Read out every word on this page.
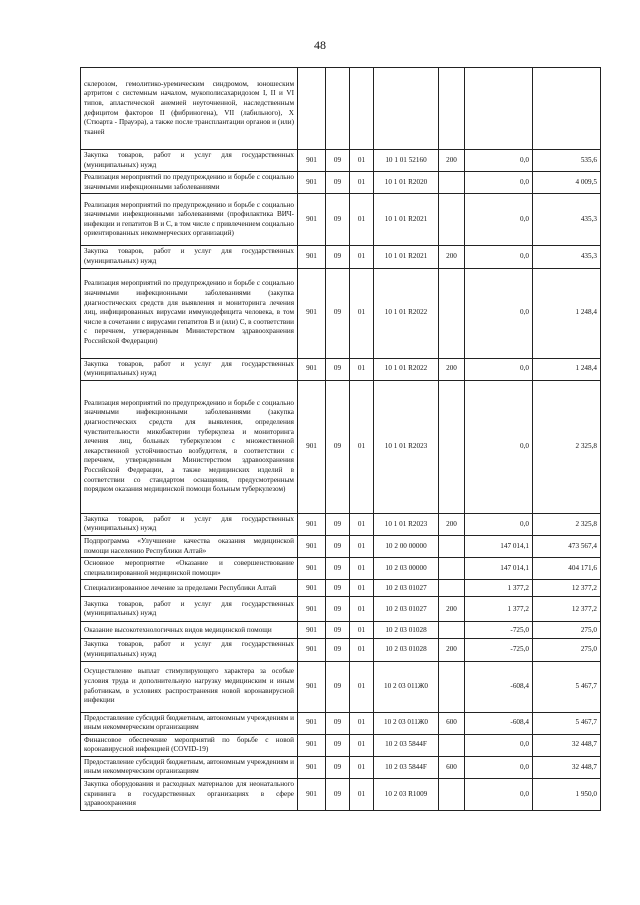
48
склерозом, гемолитико-уремическим синдромом, юношеским артритом с системным началом, мукополисахаридозом I, II и VI типов, апластической анемией неуточненной, наследственным дефицитом факторов II (фибриногена), VII (лабильного), X (Стюарта - Прауэра), а также после трансплантации органов и (или) тканей							
Закупка товаров, работ и услуг для государственных (муниципальных) нужд	901	09	01	10 1 01 52160	200	0,0	535,6
Реализация мероприятий по предупреждению и борьбе с социально значимыми инфекционными заболеваниями	901	09	01	10 1 01 R2020		0,0	4 009,5
Реализация мероприятий по предупреждению и борьбе с социально значимыми инфекционными заболеваниями (профилактика ВИЧ-инфекции и гепатитов В и С, в том числе с привлечением социально ориентированных некоммерческих организаций)	901	09	01	10 1 01 R2021		0,0	435,3
Закупка товаров, работ и услуг для государственных (муниципальных) нужд	901	09	01	10 1 01 R2021	200	0,0	435,3
Реализация мероприятий по предупреждению и борьбе с социально значимыми инфекционными заболеваниями (закупка диагностических средств для выявления и мониторинга лечения лиц, инфицированных вирусами иммунодефицита человека, в том числе в сочетании с вирусами гепатитов В и (или) С, в соответствии с перечнем, утвержденным Министерством здравоохранения Российской Федерации)	901	09	01	10 1 01 R2022		0,0	1 248,4
Закупка товаров, работ и услуг для государственных (муниципальных) нужд	901	09	01	10 1 01 R2022	200	0,0	1 248,4
Реализация мероприятий по предупреждению и борьбе с социально значимыми инфекционными заболеваниями (закупка диагностических средств для выявления, определения чувствительности микобактерии туберкулеза и мониторинга лечения лиц, больных туберкулезом с множественной лекарственной устойчивостью возбудителя, в соответствии с перечнем, утвержденным Министерством здравоохранения Российской Федерации, а также медицинских изделий в соответствии со стандартом оснащения, предусмотренным порядком оказания медицинской помощи больным туберкулезом)	901	09	01	10 1 01 R2023		0,0	2 325,8
Закупка товаров, работ и услуг для государственных (муниципальных) нужд	901	09	01	10 1 01 R2023	200	0,0	2 325,8
Подпрограмма «Улучшение качества оказания медицинской помощи населению Республики Алтай»	901	09	01	10 2 00 00000		147 014,1	473 567,4
Основное мероприятие «Оказание и совершенствование специализированной медицинской помощи»	901	09	01	10 2 03 00000		147 014,1	404 171,6
Специализированное лечение за пределами Республики Алтай	901	09	01	10 2 03 01027		1 377,2	12 377,2
Закупка товаров, работ и услуг для государственных (муниципальных) нужд	901	09	01	10 2 03 01027	200	1 377,2	12 377,2
Оказание высокотехнологичных видов медицинской помощи	901	09	01	10 2 03 01028		-725,0	275,0
Закупка товаров, работ и услуг для государственных (муниципальных) нужд	901	09	01	10 2 03 01028	200	-725,0	275,0
Осуществление выплат стимулирующего характера за особые условия труда и дополнительную нагрузку медицинским и иным работникам, в условиях распространения новой коронавирусной инфекции	901	09	01	10 2 03 011Ж0		-608,4	5 467,7
Предоставление субсидий бюджетным, автономным учреждениям и иным некоммерческим организациям	901	09	01	10 2 03 011Ж0	600	-608,4	5 467,7
Финансовое обеспечение мероприятий по борьбе с новой коронавирусной инфекцией (COVID-19)	901	09	01	10 2 03 5844F		0,0	32 448,7
Предоставление субсидий бюджетным, автономным учреждениям и иным некоммерческим организациям	901	09	01	10 2 03 5844F	600	0,0	32 448,7
Закупка оборудования и расходных материалов для неонатального скрининга в государственных организациях в сфере здравоохранения	901	09	01	10 2 03 R1009		0,0	1 950,0
